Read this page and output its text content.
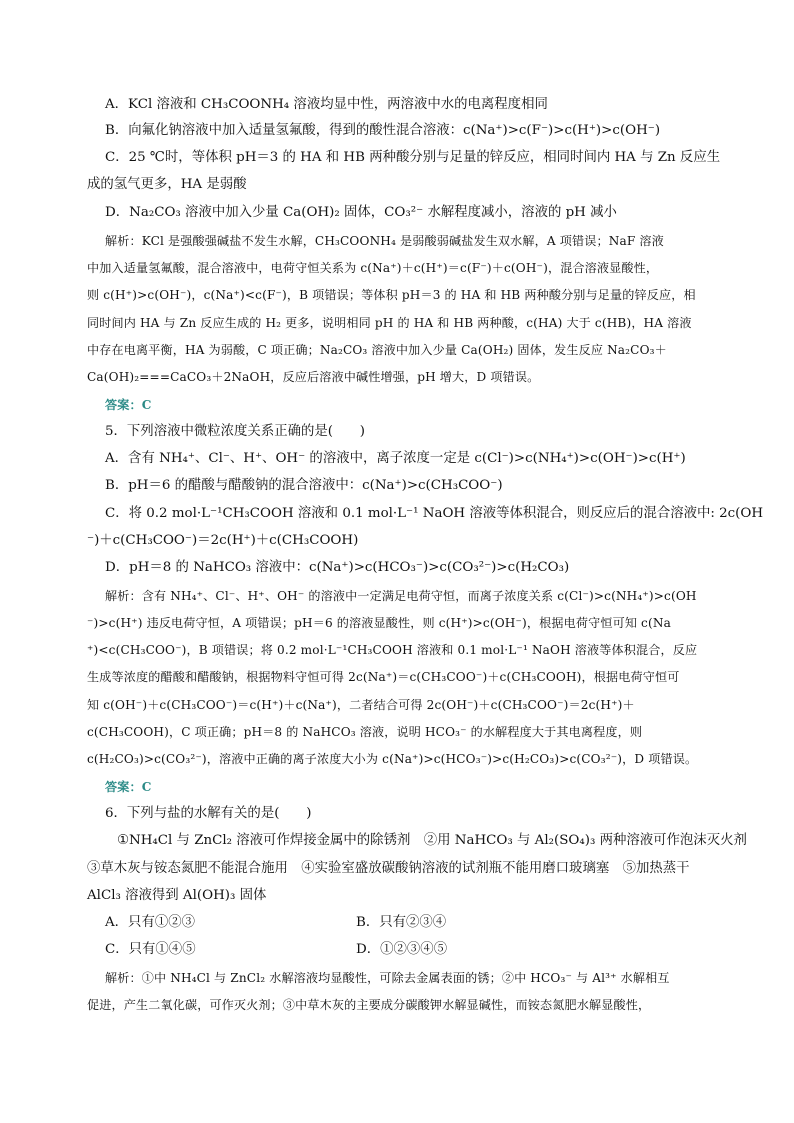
A．KCl 溶液和 CH₃COONH₄ 溶液均显中性，两溶液中水的电离程度相同
B．向氟化钠溶液中加入适量氢氟酸，得到的酸性混合溶液：c(Na⁺)>c(F⁻)>c(H⁺)>c(OH⁻)
C．25 ℃时，等体积 pH＝3 的 HA 和 HB 两种酸分别与足量的锌反应，相同时间内 HA 与 Zn 反应生
成的氢气更多，HA 是弱酸
D．Na₂CO₃ 溶液中加入少量 Ca(OH)₂ 固体，CO₃²⁻ 水解程度减小，溶液的 pH 减小
解析：KCl 是强酸强碱盐不发生水解，CH₃COONH₄ 是弱酸弱碱盐发生双水解，A 项错误；NaF 溶液
中加入适量氢氟酸，混合溶液中，电荷守恒关系为 c(Na⁺)＋c(H⁺)＝c(F⁻)＋c(OH⁻)，混合溶液显酸性，
则 c(H⁺)>c(OH⁻)，c(Na⁺)<c(F⁻)，B 项错误；等体积 pH＝3 的 HA 和 HB 两种酸分别与足量的锌反应，相
同时间内 HA 与 Zn 反应生成的 H₂ 更多，说明相同 pH 的 HA 和 HB 两种酸，c(HA) 大于 c(HB)，HA 溶液
中存在电离平衡，HA 为弱酸，C 项正确；Na₂CO₃ 溶液中加入少量 Ca(OH₂) 固体，发生反应 Na₂CO₃＋
Ca(OH)₂===CaCO₃＋2NaOH，反应后溶液中碱性增强，pH 增大，D 项错误。
答案：C
5．下列溶液中微粒浓度关系正确的是(　　)
A．含有 NH₄⁺、Cl⁻、H⁺、OH⁻ 的溶液中，离子浓度一定是 c(Cl⁻)>c(NH₄⁺)>c(OH⁻)>c(H⁺)
B．pH＝6 的醋酸与醋酸钠的混合溶液中：c(Na⁺)>c(CH₃COO⁻)
C．将 0.2 mol·L⁻¹CH₃COOH 溶液和 0.1 mol·L⁻¹ NaOH 溶液等体积混合，则反应后的混合溶液中: 2c(OH
⁻)＋c(CH₃COO⁻)＝2c(H⁺)＋c(CH₃COOH)
D．pH＝8 的 NaHCO₃ 溶液中：c(Na⁺)>c(HCO₃⁻)>c(CO₃²⁻)>c(H₂CO₃)
解析：含有 NH₄⁺、Cl⁻、H⁺、OH⁻ 的溶液中一定满足电荷守恒，而离子浓度关系 c(Cl⁻)>c(NH₄⁺)>c(OH
⁻)>c(H⁺) 违反电荷守恒，A 项错误；pH＝6 的溶液显酸性，则 c(H⁺)>c(OH⁻)，根据电荷守恒可知 c(Na
⁺)<c(CH₃COO⁻)，B 项错误；将 0.2 mol·L⁻¹CH₃COOH 溶液和 0.1 mol·L⁻¹ NaOH 溶液等体积混合，反应
生成等浓度的醋酸和醋酸钠，根据物料守恒可得 2c(Na⁺)＝c(CH₃COO⁻)＋c(CH₃COOH)，根据电荷守恒可
知 c(OH⁻)＋c(CH₃COO⁻)＝c(H⁺)＋c(Na⁺)，二者结合可得 2c(OH⁻)＋c(CH₃COO⁻)＝2c(H⁺)＋
c(CH₃COOH)，C 项正确；pH＝8 的 NaHCO₃ 溶液，说明 HCO₃⁻ 的水解程度大于其电离程度，则
c(H₂CO₃)>c(CO₃²⁻)，溶液中正确的离子浓度大小为 c(Na⁺)>c(HCO₃⁻)>c(H₂CO₃)>c(CO₃²⁻)，D 项错误。
答案：C
6．下列与盐的水解有关的是(　　)
①NH₄Cl 与 ZnCl₂ 溶液可作焊接金属中的除锈剂　②用 NaHCO₃ 与 Al₂(SO₄)₃ 两种溶液可作泡沫灭火剂
③草木灰与铵态氮肥不能混合施用　④实验室盛放碳酸钠溶液的试剂瓶不能用磨口玻璃塞　⑤加热蒸干
AlCl₃ 溶液得到 Al(OH)₃ 固体
A．只有①②③	B．只有②③④
C．只有①④⑤	D．①②③④⑤
解析：①中 NH₄Cl 与 ZnCl₂ 水解溶液均显酸性，可除去金属表面的锈；②中 HCO₃⁻ 与 Al³⁺ 水解相互
促进，产生二氧化碳，可作灭火剂；③中草木灰的主要成分碳酸钾水解显碱性，而铵态氮肥水解显酸性，
